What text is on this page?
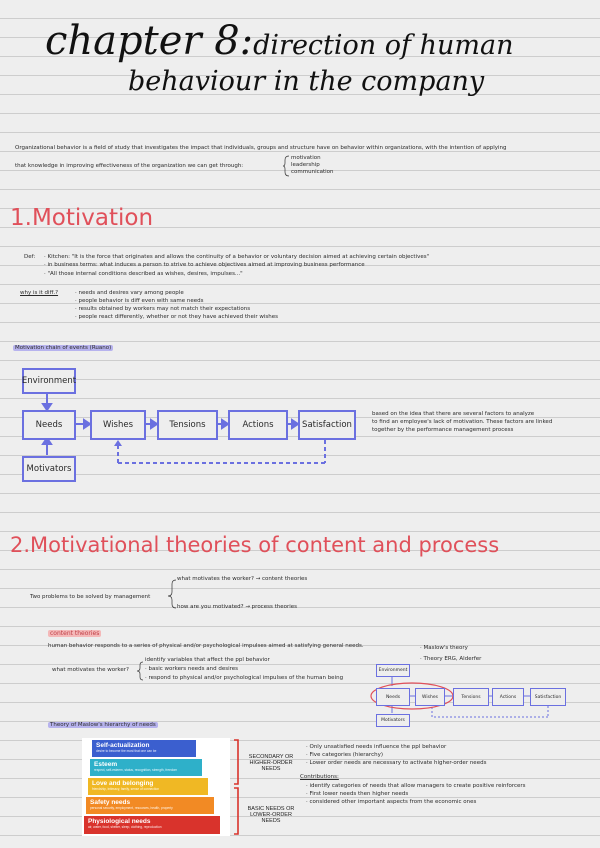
chapter 8:direction of human
behaviour in the company
Organizational behavior is a field of study that investigates the impact that individuals, groups and structure have on behavior within organizations, with the intention of applying
that knowledge in improving effectiveness of the organization we can get through:
motivation
leadership
communication
1.Motivation
Def: · Kitchen: "It is the force that originates and allows the continuity of a behavior or voluntary decision aimed at achieving certain objectives"
· in business terms: what induces a person to strive to achieve objectives aimed at improving business performance
· "All those internal conditions described as wishes, desires, impulses..."
why is it diff.?	· needs and desires vary among people
· people behavior is diff even with same needs
· results obtained by workers may not match their expectations
· people react differently, whether or not they have achieved their wishes
Motivation chain of events (Ruano)
Environment
Needs
Motivators
Wishes	Tensions	Actions	Satisfaction
based on the idea that there are several factors to analyze
to find an employee's lack of motivation. These factors are linked
together by the performance management process
2.Motivational theories of content and process
Two problems to be solved by management
what motivates the worker? → content theories
how are you motivated? → process theories
content theories
human behavior responds to a series of physical and/or psychological impulses aimed at satisfying general needs.	· Maslow's theory
· Theory ERG, Alderfer
what motivates the worker?
identify variables that affect the ppl behavior
· basic workers needs and desires
· respond to physical and/or psychological impulses of the human being
Environment
Needs	Wishes	Tensions	Actions	Satisfaction
Motivators
Theory of Maslow's hierarchy of needs
Self-actualization
desire to become the most that one can be
Esteem
respect, self-esteem, status, recognition, strength, freedom
Love and belonging
friendship, intimacy, family, sense of connection
Safety needs
personal security, employment, resources, health, property
Physiological needs
air, water, food, shelter, sleep, clothing, reproduction
SECONDARY OR HIGHER-ORDER NEEDS
BASIC NEEDS OR LOWER-ORDER NEEDS
· Only unsatisfied needs influence the ppl behavior
· Five categories (hierarchy)
· Lower order needs are necessary to activate higher-order needs
Contributions:
· identify categories of needs that allow managers to create positive reinforcers
· First lower needs then higher needs
· considered other important aspects from the economic ones
